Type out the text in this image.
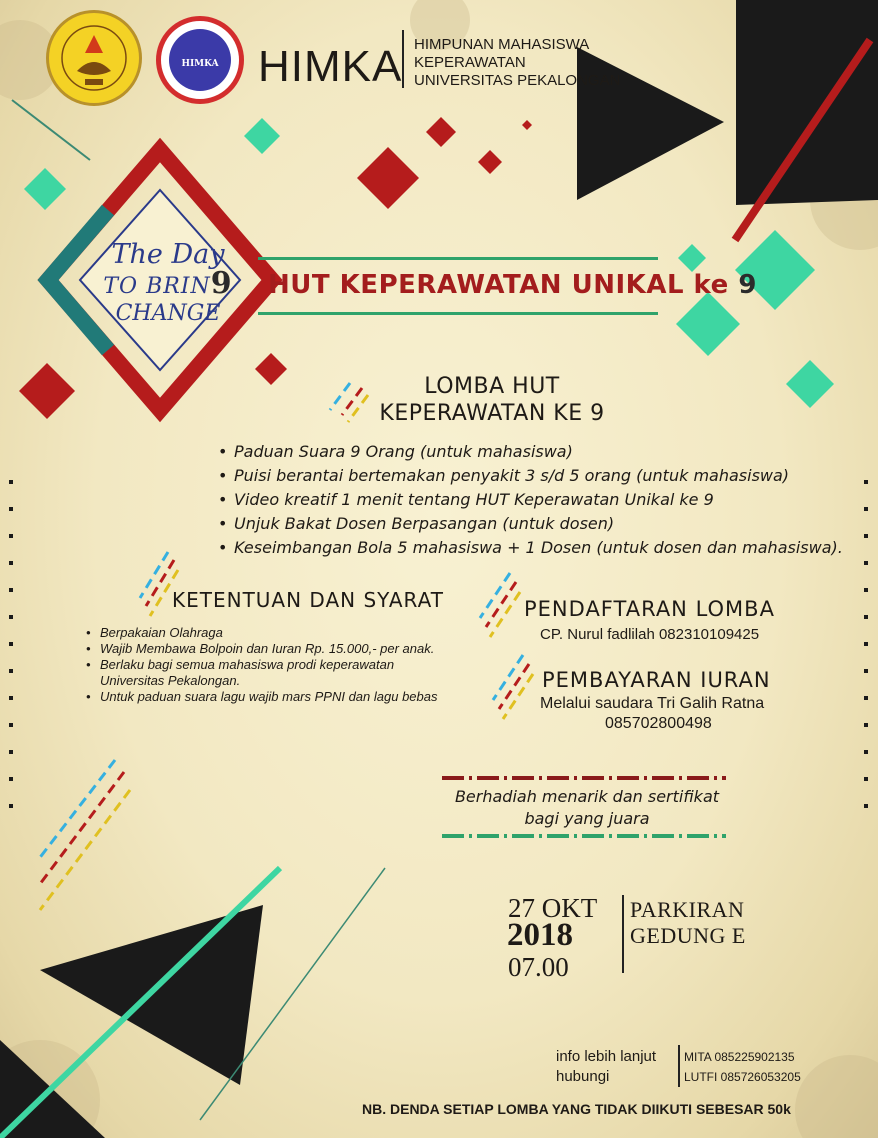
HIMKA HIMKA HIMPUNAN MAHASISWA
KEPERAWATAN
UNIVERSITAS PEKALONGAN
The Day
TO BRIN9
CHANGE
HUT KEPERAWATAN UNIKAL ke 9
LOMBA HUT
KEPERAWATAN KE 9
• Paduan Suara 9 Orang (untuk mahasiswa)
• Puisi berantai bertemakan penyakit 3 s/d 5 orang (untuk mahasiswa)
• Video kreatif 1 menit tentang HUT Keperawatan Unikal ke 9
• Unjuk Bakat Dosen Berpasangan (untuk dosen)
• Keseimbangan Bola 5 mahasiswa + 1 Dosen (untuk dosen dan mahasiswa).
KETENTUAN DAN SYARAT
• Berpakaian Olahraga
• Wajib Membawa Bolpoin dan Iuran Rp. 15.000,- per anak.
• Berlaku bagi semua mahasiswa prodi keperawatan Universitas Pekalongan.
• Untuk paduan suara lagu wajib mars PPNI dan lagu bebas
PENDAFTARAN LOMBA
CP. Nurul fadlilah 082310109425
PEMBAYARAN IURAN
Melalui saudara Tri Galih Ratna
085702800498
Berhadiah menarik dan sertifikat
bagi yang juara
27 OKT
2018
07.00
PARKIRAN
GEDUNG E
info lebih lanjut
hubungi
MITA 085225902135
LUTFI 085726053205
NB. DENDA SETIAP LOMBA YANG TIDAK DIIKUTI SEBESAR 50k
